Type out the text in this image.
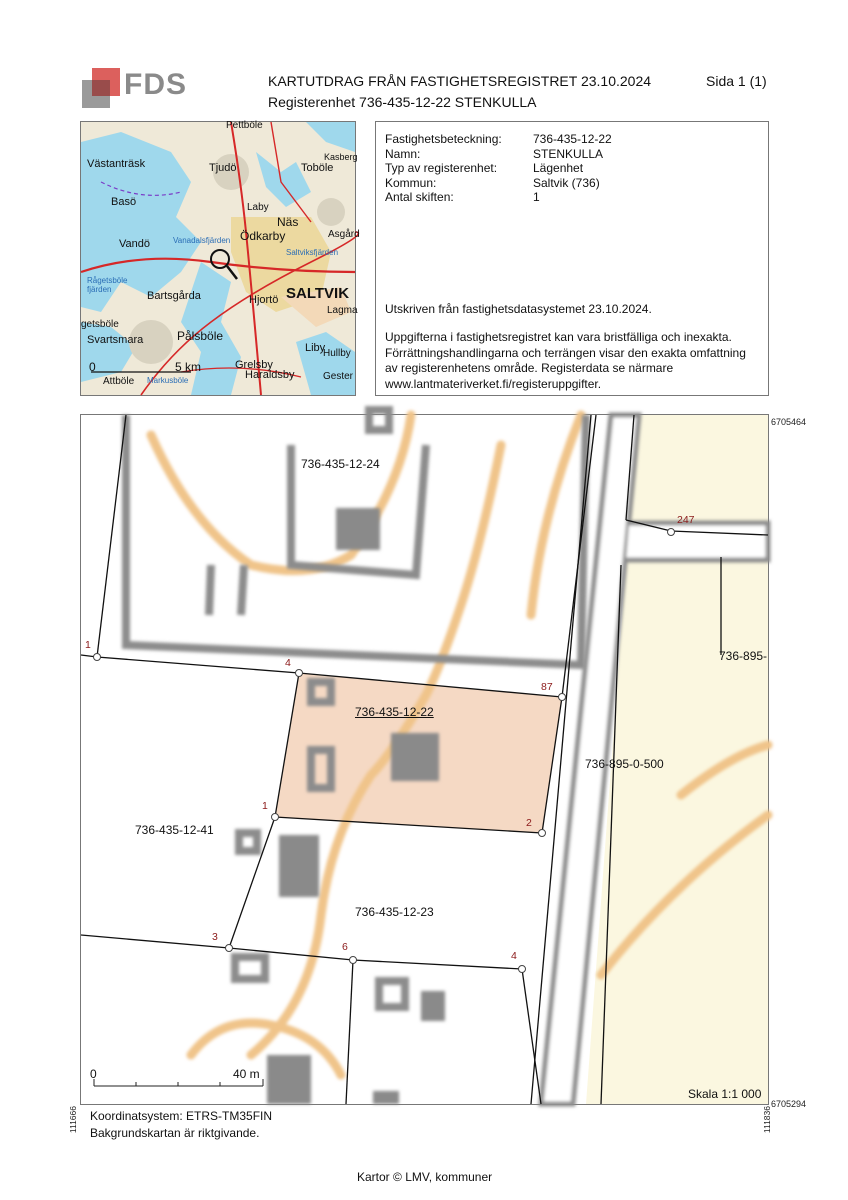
FDS	KARTUTDRAG FRÅN FASTIGHETSREGISTRET 23.10.2024
Registerenhet 736-435-12-22 STENKULLA
Sida 1 (1)
Pettböle
Västanträsk	Tjudö	Toböle
Kasberg
Basö	Laby
Näs
Vandö	Vanadalsfjärden Ödkarby	Asgård
Saltviksfjärden
Rågetsböle fjärden	SALTVIK
Bartsgårda	Hjortö
Lagma
getsböle
Svartsmara	Pålsböle
Liby
Hullby
Grelsby
Haraldsby	Gester
Attböle Markusböle
0	5 km
Fastighetsbeteckning:	736-435-12-22
Namn:	STENKULLA
Typ av registerenhet:	Lägenhet
Kommun:	Saltvik (736)
Antal skiften:	1
Utskriven från fastighetsdatasystemet 23.10.2024.
Uppgifterna i fastighetsregistret kan vara bristfälliga och inexakta.
Förrättningshandlingarna och terrängen visar den exakta omfattning
av registerenhetens område. Registerdata se närmare
www.lantmateriverket.fi/registeruppgifter.
6705464
736-435-12-24
736-435-12-22
736-435-12-41
736-435-12-23
736-895-0-500
736-895-
1
4
87
1
2
3
6
4
247
0	40 m
Skala 1:1 000
6705294
111666	111836
Koordinatsystem: ETRS-TM35FIN
Bakgrundskartan är riktgivande.
Kartor © LMV, kommuner
